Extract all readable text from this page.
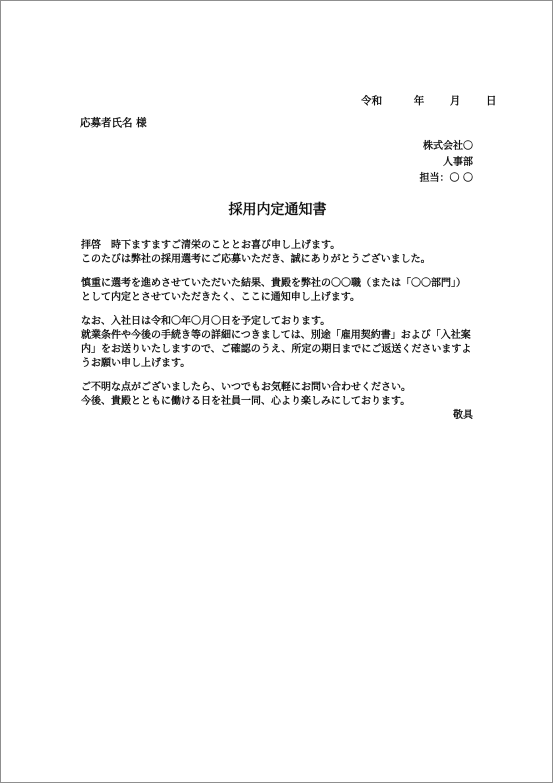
令和	年 月 日
応募者氏名 様
株式会社〇
人事部
担当：〇 〇
採用内定通知書

拝啓　時下ますますご清栄のこととお喜び申し上げます。

このたびは弊社の採用選考にご応募いただき、誠にありがとうございました。

慎重に選考を進めさせていただいた結果、貴殿を弊社の〇〇職（または「〇〇部門」）

として内定とさせていただきたく、ここに通知申し上げます。

なお、入社日は令和〇年〇月〇日を予定しております。

就業条件や今後の手続き等の詳細につきましては、別途「雇用契約書」および「入社案

内」をお送りいたしますので、ご確認のうえ、所定の期日までにご返送くださいますよ

うお願い申し上げます。

ご不明な点がございましたら、いつでもお気軽にお問い合わせください。

今後、貴殿とともに働ける日を社員一同、心より楽しみにしております。

敬具
